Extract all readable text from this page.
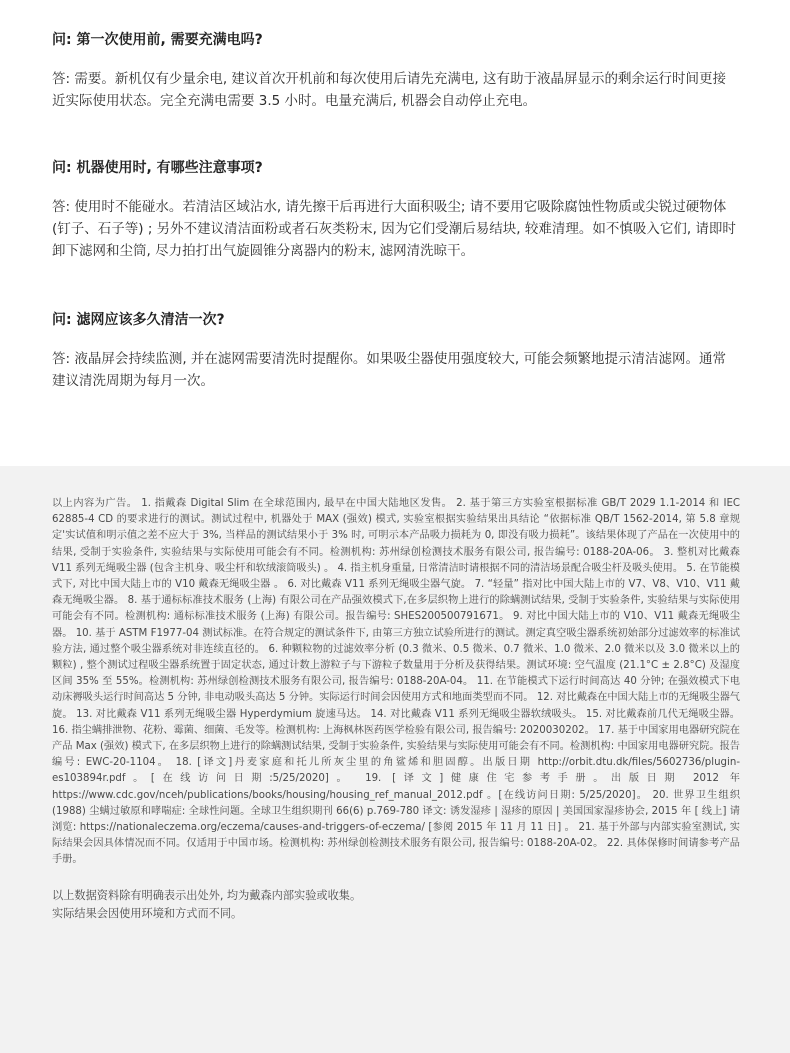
问: 第一次使用前, 需要充满电吗?

答: 需要。新机仅有少量余电, 建议首次开机前和每次使用后请先充满电, 这有助于液晶屏显示的剩余运行时间更接近实际使用状态。完全充满电需要 3.5 小时。电量充满后, 机器会自动停止充电。

问: 机器使用时, 有哪些注意事项?

答: 使用时不能碰水。若清洁区域沾水, 请先擦干后再进行大面积吸尘; 请不要用它吸除腐蚀性物质或尖锐过硬物体 (钉子、石子等) ; 另外不建议清洁面粉或者石灰类粉末, 因为它们受潮后易结块, 较难清理。如不慎吸入它们, 请即时卸下滤网和尘筒, 尽力拍打出气旋圆锥分离器内的粉末, 滤网清洗晾干。

问: 滤网应该多久清洁一次?

答: 液晶屏会持续监测, 并在滤网需要清洗时提醒你。如果吸尘器使用强度较大, 可能会频繁地提示清洁滤网。通常建议清洗周期为每月一次。

以上内容为广告。 1. 指戴森 Digital Slim 在全球范围内, 最早在中国大陆地区发售。 2. 基于第三方实验室根据标准 GB/T 2029 1.1-2014 和 IEC 62885-4 CD 的要求进行的测试。测试过程中, 机器处于 MAX (强效) 模式, 实验室根据实验结果出具结论 “依据标准 QB/T 1562-2014, 第 5.8 章规定'实试值和明示值之差不应大于 3%, 当样品的测试结果小于 3% 时, 可明示本产品吸力损耗为 0, 即没有吸力损耗”。该结果体现了产品在一次使用中的结果, 受制于实验条件, 实验结果与实际使用可能会有不同。检测机构: 苏州绿创检测技术服务有限公司, 报告编号: 0188-20A-06。 3. 整机对比戴森 V11 系列无绳吸尘器 (包含主机身、吸尘杆和软绒滚筒吸头) 。 4. 指主机身重量, 日常清洁时请根据不同的清洁场景配合吸尘杆及吸头使用。 5. 在节能模式下, 对比中国大陆上市的 V10 戴森无绳吸尘器 。 6. 对比戴森 V11 系列无绳吸尘器气旋。 7. “轻量” 指对比中国大陆上市的 V7、V8、V10、V11 戴森无绳吸尘器。 8. 基于通标标准技术服务 (上海) 有限公司在产品强效模式下,在多层织物上进行的除螨测试结果, 受制于实验条件, 实验结果与实际使用可能会有不同。检测机构: 通标标准技术服务 (上海) 有限公司。报告编号: SHES200500791671。 9. 对比中国大陆上市的 V10、V11 戴森无绳吸尘器。 10. 基于 ASTM F1977-04 测试标准。在符合规定的测试条件下, 由第三方独立试验所进行的测试。测定真空吸尘器系统初始部分过滤效率的标准试验方法, 通过整个吸尘器系统对非连续直径的。 6. 种颗粒物的过滤效率分析 (0.3 微米、0.5 微米、0.7 微米、1.0 微米、2.0 微米以及 3.0 微米以上的颗粒) , 整个测试过程吸尘器系统置于固定状态, 通过计数上游粒子与下游粒子数量用于分析及获得结果。测试环境: 空气温度 (21.1°C ± 2.8°C) 及湿度区间 35% 至 55%。检测机构: 苏州绿创检测技术服务有限公司, 报告编号: 0188-20A-04。 11. 在节能模式下运行时间高达 40 分钟; 在强效模式下电动床褥吸头运行时间高达 5 分钟, 非电动吸头高达 5 分钟。实际运行时间会因使用方式和地面类型而不同。 12. 对比戴森在中国大陆上市的无绳吸尘器气旋。 13. 对比戴森 V11 系列无绳吸尘器 Hyperdymium 旋速马达。 14. 对比戴森 V11 系列无绳吸尘器软绒吸头。 15. 对比戴森前几代无绳吸尘器。 16. 指尘螨排泄物、花粉、霉菌、细菌、毛发等。检测机构: 上海枫林医药医学检验有限公司, 报告编号: 2020030202。 17. 基于中国家用电器研究院在产品 Max (强效) 模式下, 在多层织物上进行的除螨测试结果, 受制于实验条件, 实验结果与实际使用可能会有不同。检测机构: 中国家用电器研究院。报告编号: EWC-20-1104。 18. [译文]丹麦家庭和托儿所灰尘里的角鲨烯和胆固醇。出版日期 http://orbit.dtu.dk/files/5602736/plugin-es103894r.pdf。[在线访问日期:5/25/2020]。 19. [译文]健康住宅参考手册。出版日期 2012 年 https://www.cdc.gov/nceh/publications/books/housing/housing_ref_manual_2012.pdf 。[在线访问日期: 5/25/2020]。 20. 世界卫生组织 (1988) 尘螨过敏原和哮喘症: 全球性问题。全球卫生组织期刊 66(6) p.769-780 译文: 诱发湿疹 | 湿疹的原因 | 美国国家湿疹协会, 2015 年 [ 线上] 请浏览: https://nationaleczema.org/eczema/causes-and-triggers-of-eczema/ [参阅 2015 年 11 月 11 日] 。 21. 基于外部与内部实验室测试, 实际结果会因具体情况而不同。仅适用于中国市场。检测机构: 苏州绿创检测技术服务有限公司, 报告编号: 0188-20A-02。 22. 具体保修时间请参考产品手册。

以上数据资料除有明确表示出处外, 均为戴森内部实验或收集。

实际结果会因使用环境和方式而不同。
